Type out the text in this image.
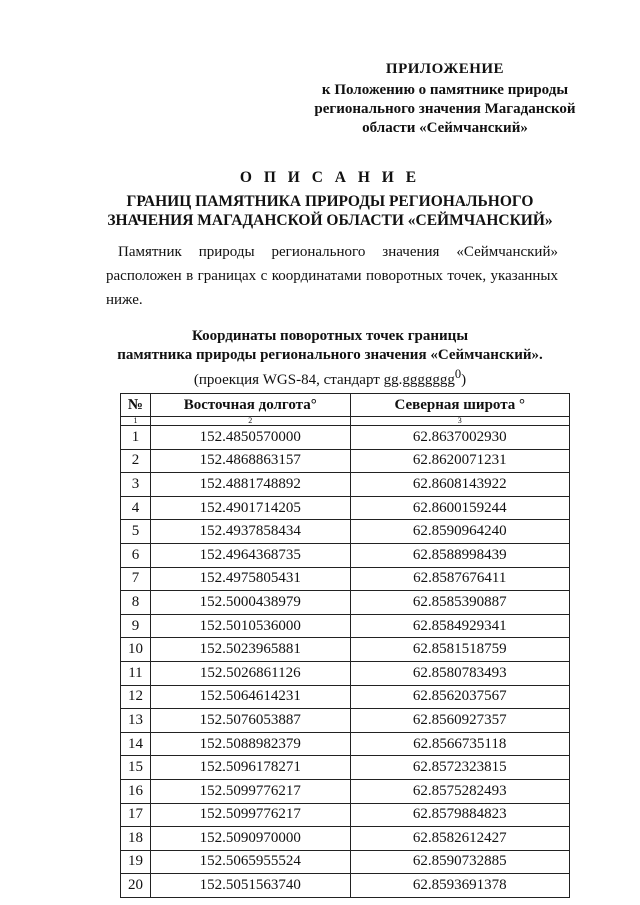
ПРИЛОЖЕНИЕ
к Положению о памятнике природы
регионального значения Магаданской
области «Сеймчанский»
О П И С А Н И Е
ГРАНИЦ ПАМЯТНИКА ПРИРОДЫ РЕГИОНАЛЬНОГО
ЗНАЧЕНИЯ МАГАДАНСКОЙ ОБЛАСТИ «СЕЙМЧАНСКИЙ»
Памятник природы регионального значения «Сеймчанский» расположен в границах с координатами поворотных точек, указанных ниже.
Координаты поворотных точек границы
памятника природы регионального значения «Сеймчанский».
(проекция WGS-84, стандарт gg.ggggggg$^0$)
№	Восточная долгота°	Северная широта °
1	2	3
1	152.4850570000	62.8637002930
2	152.4868863157	62.8620071231
3	152.4881748892	62.8608143922
4	152.4901714205	62.8600159244
5	152.4937858434	62.8590964240
6	152.4964368735	62.8588998439
7	152.4975805431	62.8587676411
8	152.5000438979	62.8585390887
9	152.5010536000	62.8584929341
10	152.5023965881	62.8581518759
11	152.5026861126	62.8580783493
12	152.5064614231	62.8562037567
13	152.5076053887	62.8560927357
14	152.5088982379	62.8566735118
15	152.5096178271	62.8572323815
16	152.5099776217	62.8575282493
17	152.5099776217	62.8579884823
18	152.5090970000	62.8582612427
19	152.5065955524	62.8590732885
20	152.5051563740	62.8593691378
